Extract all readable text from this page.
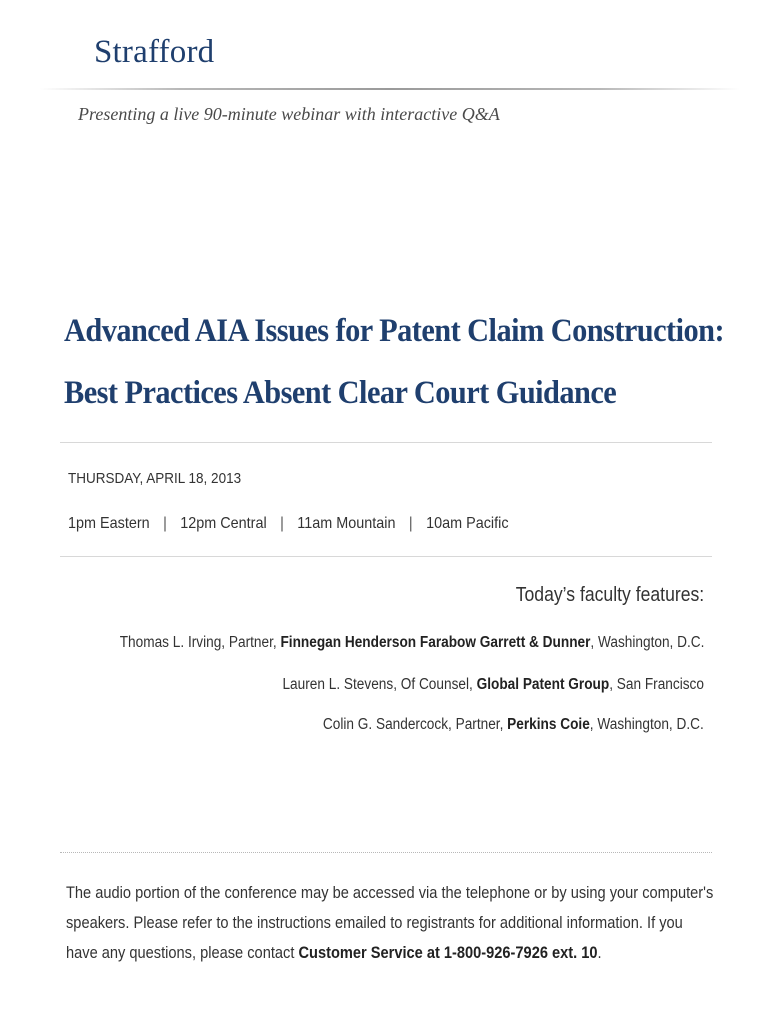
Strafford
Presenting a live 90-minute webinar with interactive Q&A
Advanced AIA Issues for Patent Claim Construction:
Best Practices Absent Clear Court Guidance
THURSDAY, APRIL 18, 2013
1pm Eastern | 12pm Central | 11am Mountain | 10am Pacific
Today’s faculty features:
Thomas L. Irving, Partner, Finnegan Henderson Farabow Garrett & Dunner, Washington, D.C.
Lauren L. Stevens, Of Counsel, Global Patent Group, San Francisco
Colin G. Sandercock, Partner, Perkins Coie, Washington, D.C.

The audio portion of the conference may be accessed via the telephone or by using your computer's

speakers. Please refer to the instructions emailed to registrants for additional information. If you

have any questions, please contact Customer Service at 1-800-926-7926 ext. 10.
